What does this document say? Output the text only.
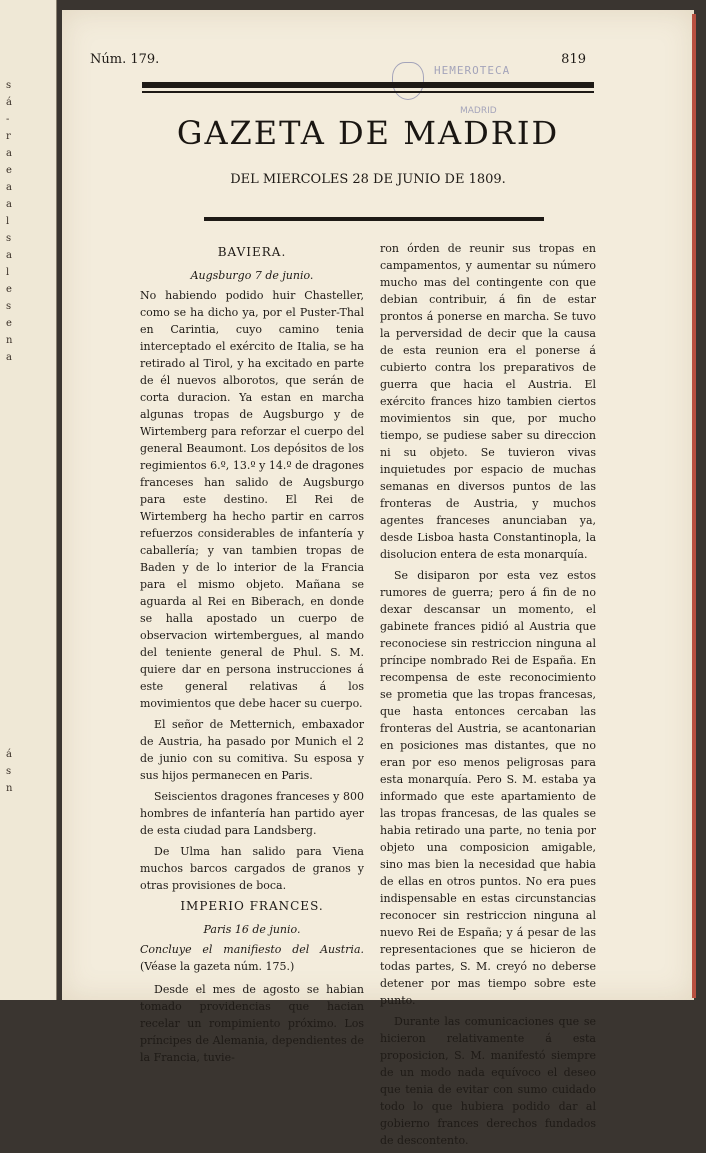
s
á
-
r
a
e
a
a
l
s
a
l
e
s
e
n
a
á
s
n
Núm. 179.	819
HEMEROTECA
MADRID
GAZETA DE MADRID
DEL MIERCOLES 28 DE JUNIO DE 1809.
BAVIERA.
Augsburgo 7 de junio.

No habiendo podido huir Chasteller, como se ha dicho ya, por el Puster-Thal en Carintia, cuyo camino tenia interceptado el exército de Italia, se ha retirado al Tirol, y ha excitado en parte de él nuevos alborotos, que serán de corta duracion. Ya estan en marcha algunas tropas de Augsburgo y de Wirtemberg para reforzar el cuerpo del general Beaumont. Los depósitos de los regimientos 6.º, 13.º y 14.º de dragones franceses han salido de Augsburgo para este destino. El Rei de Wirtemberg ha hecho partir en carros refuerzos considerables de infantería y caballería; y van tambien tropas de Baden y de lo interior de la Francia para el mismo objeto. Mañana se aguarda al Rei en Biberach, en donde se halla apostado un cuerpo de observacion wirtembergues, al mando del teniente general de Phul. S. M. quiere dar en persona instrucciones á este general relativas á los movimientos que debe hacer su cuerpo.

El señor de Metternich, embaxador de Austria, ha pasado por Munich el 2 de junio con su comitiva. Su esposa y sus hijos permanecen en Paris.

Seiscientos dragones franceses y 800 hombres de infantería han partido ayer de esta ciudad para Landsberg.

De Ulma han salido para Viena muchos barcos cargados de granos y otras provisiones de boca.

IMPERIO FRANCES.
Paris 16 de junio.

Concluye el manifiesto del Austria. (Véase la gazeta núm. 175.)

Desde el mes de agosto se habian tomado providencias que hacian recelar un rompimiento próximo. Los príncipes de Alemania, dependientes de la Francia, tuvie-

ron órden de reunir sus tropas en campamentos, y aumentar su número mucho mas del contingente con que debian contribuir, á fin de estar prontos á ponerse en marcha. Se tuvo la perversidad de decir que la causa de esta reunion era el ponerse á cubierto contra los preparativos de guerra que hacia el Austria. El exército frances hizo tambien ciertos movimientos sin que, por mucho tiempo, se pudiese saber su direccion ni su objeto. Se tuvieron vivas inquietudes por espacio de muchas semanas en diversos puntos de las fronteras de Austria, y muchos agentes franceses anunciaban ya, desde Lisboa hasta Constantinopla, la disolucion entera de esta monarquía.

Se disiparon por esta vez estos rumores de guerra; pero á fin de no dexar descansar un momento, el gabinete frances pidió al Austria que reconociese sin restriccion ninguna al príncipe nombrado Rei de España. En recompensa de este reconocimiento se prometia que las tropas francesas, que hasta entonces cercaban las fronteras del Austria, se acantonarian en posiciones mas distantes, que no eran por eso menos peligrosas para esta monarquía. Pero S. M. estaba ya informado que este apartamiento de las tropas francesas, de las quales se habia retirado una parte, no tenia por objeto una composicion amigable, sino mas bien la necesidad que habia de ellas en otros puntos. No era pues indispensable en estas circunstancias reconocer sin restriccion ninguna al nuevo Rei de España; y á pesar de las representaciones que se hicieron de todas partes, S. M. creyó no deberse detener por mas tiempo sobre este punto.

Durante las comunicaciones que se hicieron relativamente á esta proposicion, S. M. manifestó siempre de un modo nada equívoco el deseo que tenia de evitar con sumo cuidado todo lo que hubiera podido dar al gobierno frances derechos fundados de descontento.
